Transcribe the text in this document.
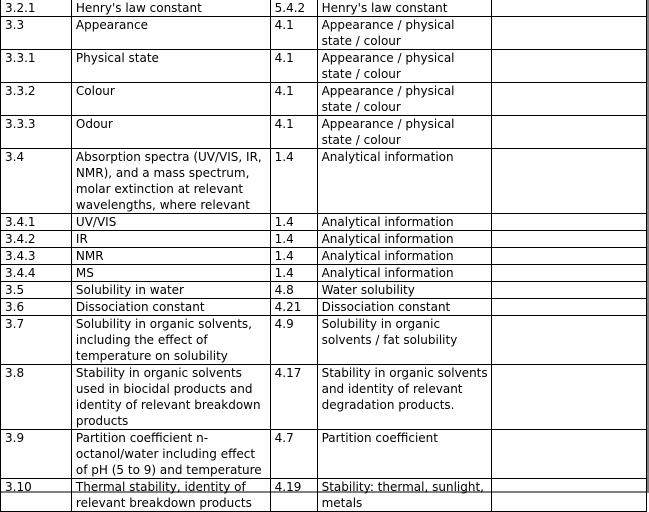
3.2.1	Henry's law constant	5.4.2	Henry's law constant	
3.3	Appearance	4.1	Appearance / physical state / colour	
3.3.1	Physical state	4.1	Appearance / physical state / colour	
3.3.2	Colour	4.1	Appearance / physical state / colour	
3.3.3	Odour	4.1	Appearance / physical state / colour	
3.4	Absorption spectra (UV/VIS, IR, NMR), and a mass spectrum, molar extinction at relevant wavelengths, where relevant	1.4	Analytical information	
3.4.1	UV/VIS	1.4	Analytical information	
3.4.2	IR	1.4	Analytical information	
3.4.3	NMR	1.4	Analytical information	
3.4.4	MS	1.4	Analytical information	
3.5	Solubility in water	4.8	Water solubility	
3.6	Dissociation constant	4.21	Dissociation constant	
3.7	Solubility in organic solvents, including the effect of temperature on solubility	4.9	Solubility in organic solvents / fat solubility	
3.8	Stability in organic solvents used in biocidal products and identity of relevant breakdown products	4.17	Stability in organic solvents and identity of relevant degradation products.	
3.9	Partition coefficient n-octanol/water including effect of pH (5 to 9) and temperature	4.7	Partition coefficient	
3.10	Thermal stability, identity of relevant breakdown products	4.19	Stability: thermal, sunlight, metals	
